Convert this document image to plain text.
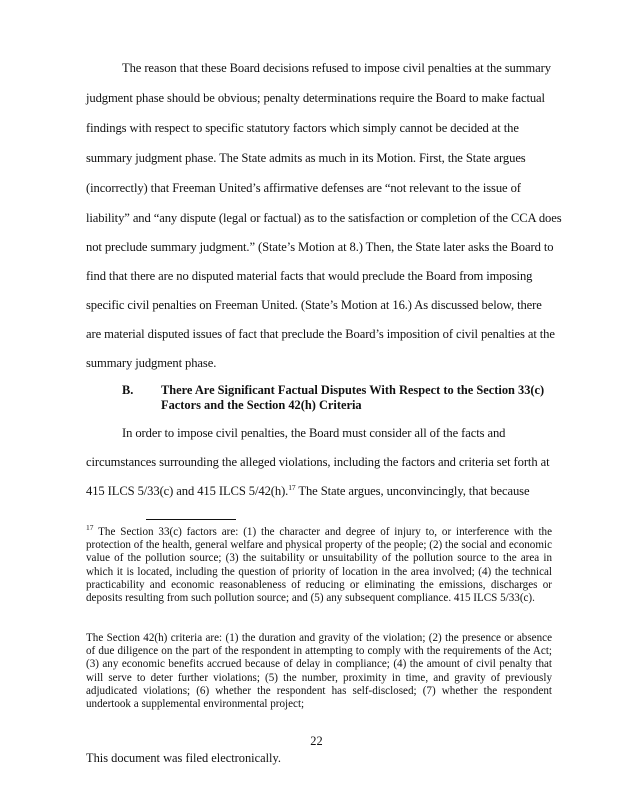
The reason that these Board decisions refused to impose civil penalties at the summary
judgment phase should be obvious; penalty determinations require the Board to make factual
findings with respect to specific statutory factors which simply cannot be decided at the
summary judgment phase. The State admits as much in its Motion. First, the State argues
(incorrectly) that Freeman United’s affirmative defenses are “not relevant to the issue of
liability” and “any dispute (legal or factual) as to the satisfaction or completion of the CCA does
not preclude summary judgment.” (State’s Motion at 8.) Then, the State later asks the Board to
find that there are no disputed material facts that would preclude the Board from imposing
specific civil penalties on Freeman United. (State’s Motion at 16.) As discussed below, there
are material disputed issues of fact that preclude the Board’s imposition of civil penalties at the
summary judgment phase.
B. There Are Significant Factual Disputes With Respect to the Section 33(c) Factors and the Section 42(h) Criteria
In order to impose civil penalties, the Board must consider all of the facts and
circumstances surrounding the alleged violations, including the factors and criteria set forth at
415 ILCS 5/33(c) and 415 ILCS 5/42(h).$^{17}$ The State argues, unconvincingly, that because
$^{17}$ The Section 33(c) factors are: (1) the character and degree of injury to, or interference with the protection of the health, general welfare and physical property of the people; (2) the social and economic value of the pollution source; (3) the suitability or unsuitability of the pollution source to the area in which it is located, including the question of priority of location in the area involved; (4) the technical practicability and economic reasonableness of reducing or eliminating the emissions, discharges or deposits resulting from such pollution source; and (5) any subsequent compliance. 415 ILCS 5/33(c).
The Section 42(h) criteria are: (1) the duration and gravity of the violation; (2) the presence or absence of due diligence on the part of the respondent in attempting to comply with the requirements of the Act; (3) any economic benefits accrued because of delay in compliance; (4) the amount of civil penalty that will serve to deter further violations; (5) the number, proximity in time, and gravity of previously adjudicated violations; (6) whether the respondent has self-disclosed; (7) whether the respondent undertook a supplemental environmental project;
22
This document was filed electronically.
